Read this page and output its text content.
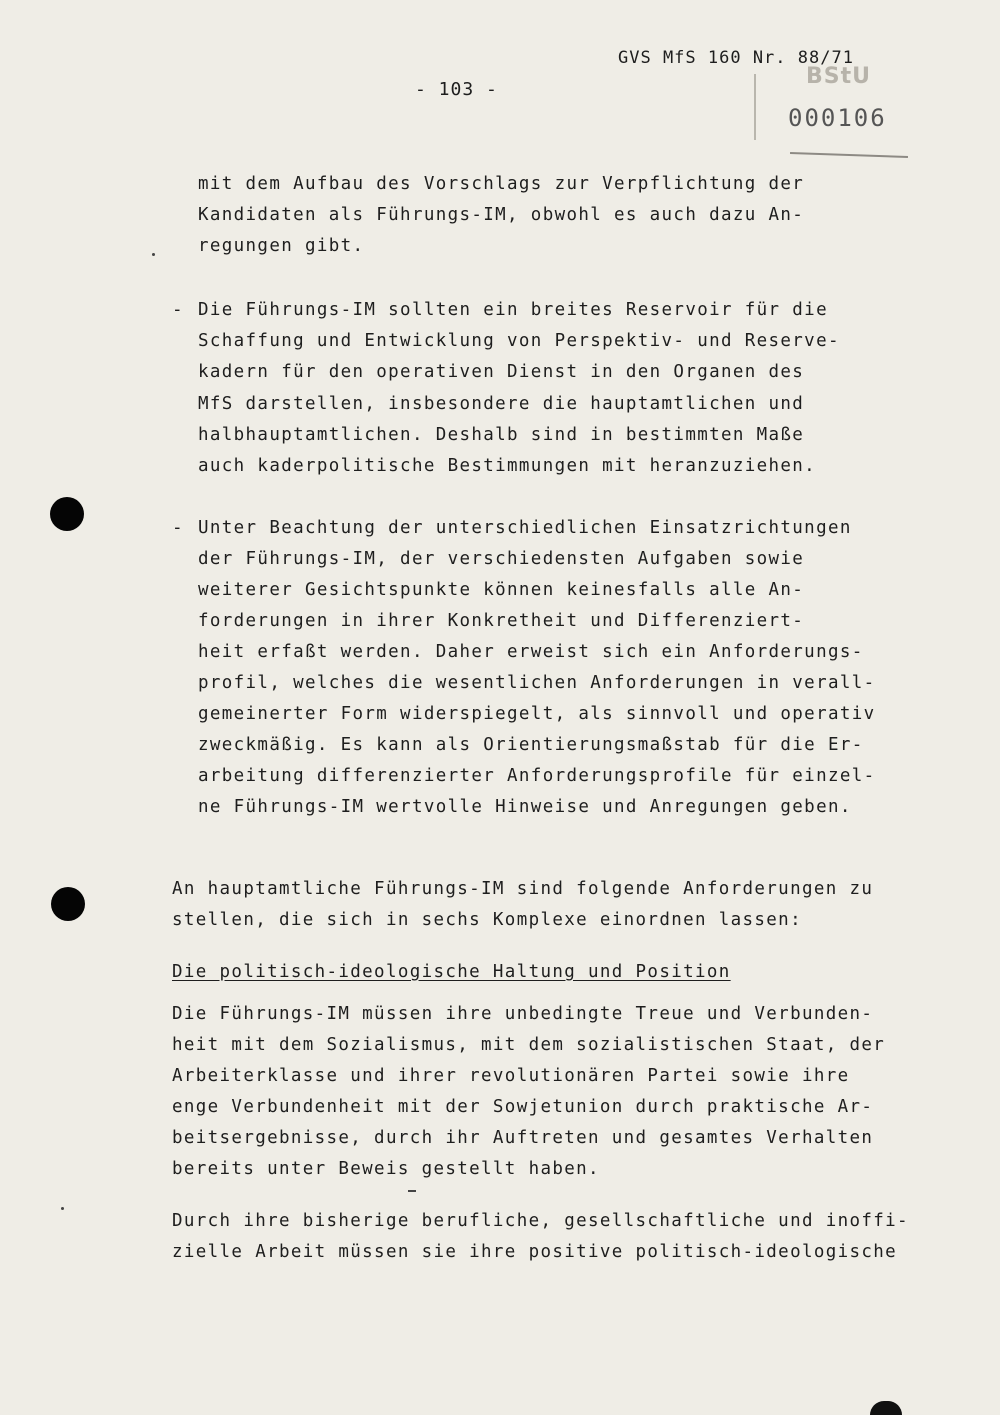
GVS MfS 160 Nr. 88/71
- 103 -
BStU
000106
mit dem Aufbau des Vorschlags zur Verpflichtung der
Kandidaten als Führungs-IM, obwohl es auch dazu An-
regungen gibt.
- Die Führungs-IM sollten ein breites Reservoir für die
Schaffung und Entwicklung von Perspektiv- und Reserve-
kadern für den operativen Dienst in den Organen des
MfS darstellen, insbesondere die hauptamtlichen und
halbhauptamtlichen. Deshalb sind in bestimmten Maße
auch kaderpolitische Bestimmungen mit heranzuziehen.
- Unter Beachtung der unterschiedlichen Einsatzrichtungen
der Führungs-IM, der verschiedensten Aufgaben sowie
weiterer Gesichtspunkte können keinesfalls alle An-
forderungen in ihrer Konkretheit und Differenziert-
heit erfaßt werden. Daher erweist sich ein Anforderungs-
profil, welches die wesentlichen Anforderungen in verall-
gemeinerter Form widerspiegelt, als sinnvoll und operativ
zweckmäßig. Es kann als Orientierungsmaßstab für die Er-
arbeitung differenzierter Anforderungsprofile für einzel-
ne Führungs-IM wertvolle Hinweise und Anregungen geben.
An hauptamtliche Führungs-IM sind folgende Anforderungen zu
stellen, die sich in sechs Komplexe einordnen lassen:
Die politisch-ideologische Haltung und Position
Die Führungs-IM müssen ihre unbedingte Treue und Verbunden-
heit mit dem Sozialismus, mit dem sozialistischen Staat, der
Arbeiterklasse und ihrer revolutionären Partei sowie ihre
enge Verbundenheit mit der Sowjetunion durch praktische Ar-
beitsergebnisse, durch ihr Auftreten und gesamtes Verhalten
bereits unter Beweis gestellt haben.
Durch ihre bisherige berufliche, gesellschaftliche und inoffi-
zielle Arbeit müssen sie ihre positive politisch-ideologische
